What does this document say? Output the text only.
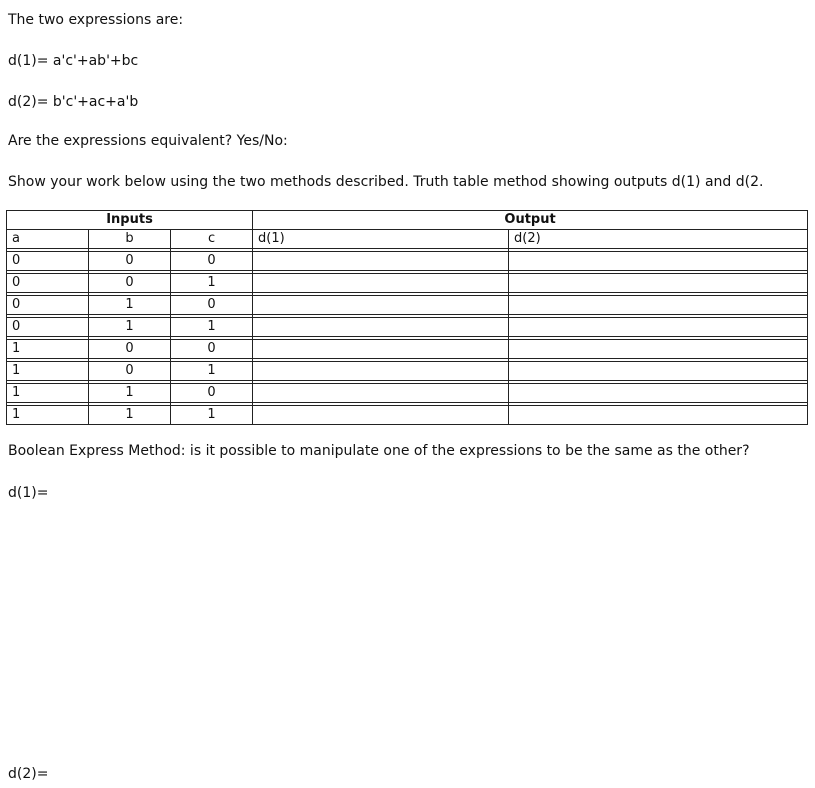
The two expressions are:
d(1)= a'c'+ab'+bc
d(2)= b'c'+ac+a'b
Are the expressions equivalent? Yes/No:
Show your work below using the two methods described. Truth table method showing outputs d(1) and d(2.
Inputs			Output	
a	b	c	d(1)	d(2)

0	0	0		

0	0	1		

0	1	0		

0	1	1		

1	0	0		

1	0	1		

1	1	0		

1	1	1		
Boolean Express Method: is it possible to manipulate one of the expressions to be the same as the other?
d(1)=
d(2)=
